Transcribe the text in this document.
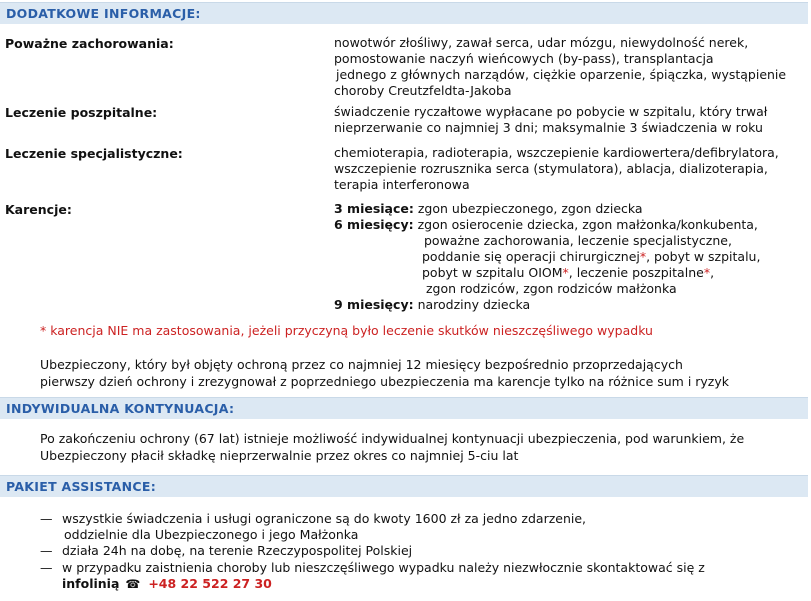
DODATKOWE INFORMACJE:
Poważne zachorowania:	nowotwór złośliwy, zawał serca, udar mózgu, niewydolność nerek,
pomostowanie naczyń wieńcowych (by-pass), transplantacja
jednego z głównych narządów, ciężkie oparzenie, śpiączka, wystąpienie
choroby Creutzfeldta-Jakoba
Leczenie poszpitalne:	świadczenie ryczałtowe wypłacane po pobycie w szpitalu, który trwał
nieprzerwanie co najmniej 3 dni; maksymalnie 3 świadczenia w roku
Leczenie specjalistyczne:	chemioterapia, radioterapia, wszczepienie kardiowertera/defibrylatora,
wszczepienie rozrusznika serca (stymulatora), ablacja, dializoterapia,
terapia interferonowa
Karencje:	3 miesiące: zgon ubezpieczonego, zgon dziecka
6 miesięcy: zgon osierocenie dziecka, zgon małżonka/konkubenta,
poważne zachorowania, leczenie specjalistyczne,
poddanie się operacji chirurgicznej*, pobyt w szpitalu,
pobyt w szpitalu OIOM*, leczenie poszpitalne*,
zgon rodziców, zgon rodziców małżonka
9 miesięcy: narodziny dziecka
* karencja NIE ma zastosowania, jeżeli przyczyną było leczenie skutków nieszczęśliwego wypadku
Ubezpieczony, który był objęty ochroną przez co najmniej 12 miesięcy bezpośrednio przoprzedających
pierwszy dzień ochrony i zrezygnował z poprzedniego ubezpieczenia ma karencje tylko na różnice sum i ryzyk
INDYWIDUALNA KONTYNUACJA:
Po zakończeniu ochrony (67 lat) istnieje możliwość indywidualnej kontynuacji ubezpieczenia, pod warunkiem, że
Ubezpieczony płacił składkę nieprzerwalnie przez okres co najmniej 5-ciu lat
PAKIET ASSISTANCE:
— wszystkie świadczenia i usługi ograniczone są do kwoty 1600 zł za jedno zdarzenie,
oddzielnie dla Ubezpieczonego i jego Małżonka
— działa 24h na dobę, na terenie Rzeczypospolitej Polskiej
— w przypadku zaistnienia choroby lub nieszczęśliwego wypadku należy niezwłocznie skontaktować się z
infolinią ☎ +48 22 522 27 30
